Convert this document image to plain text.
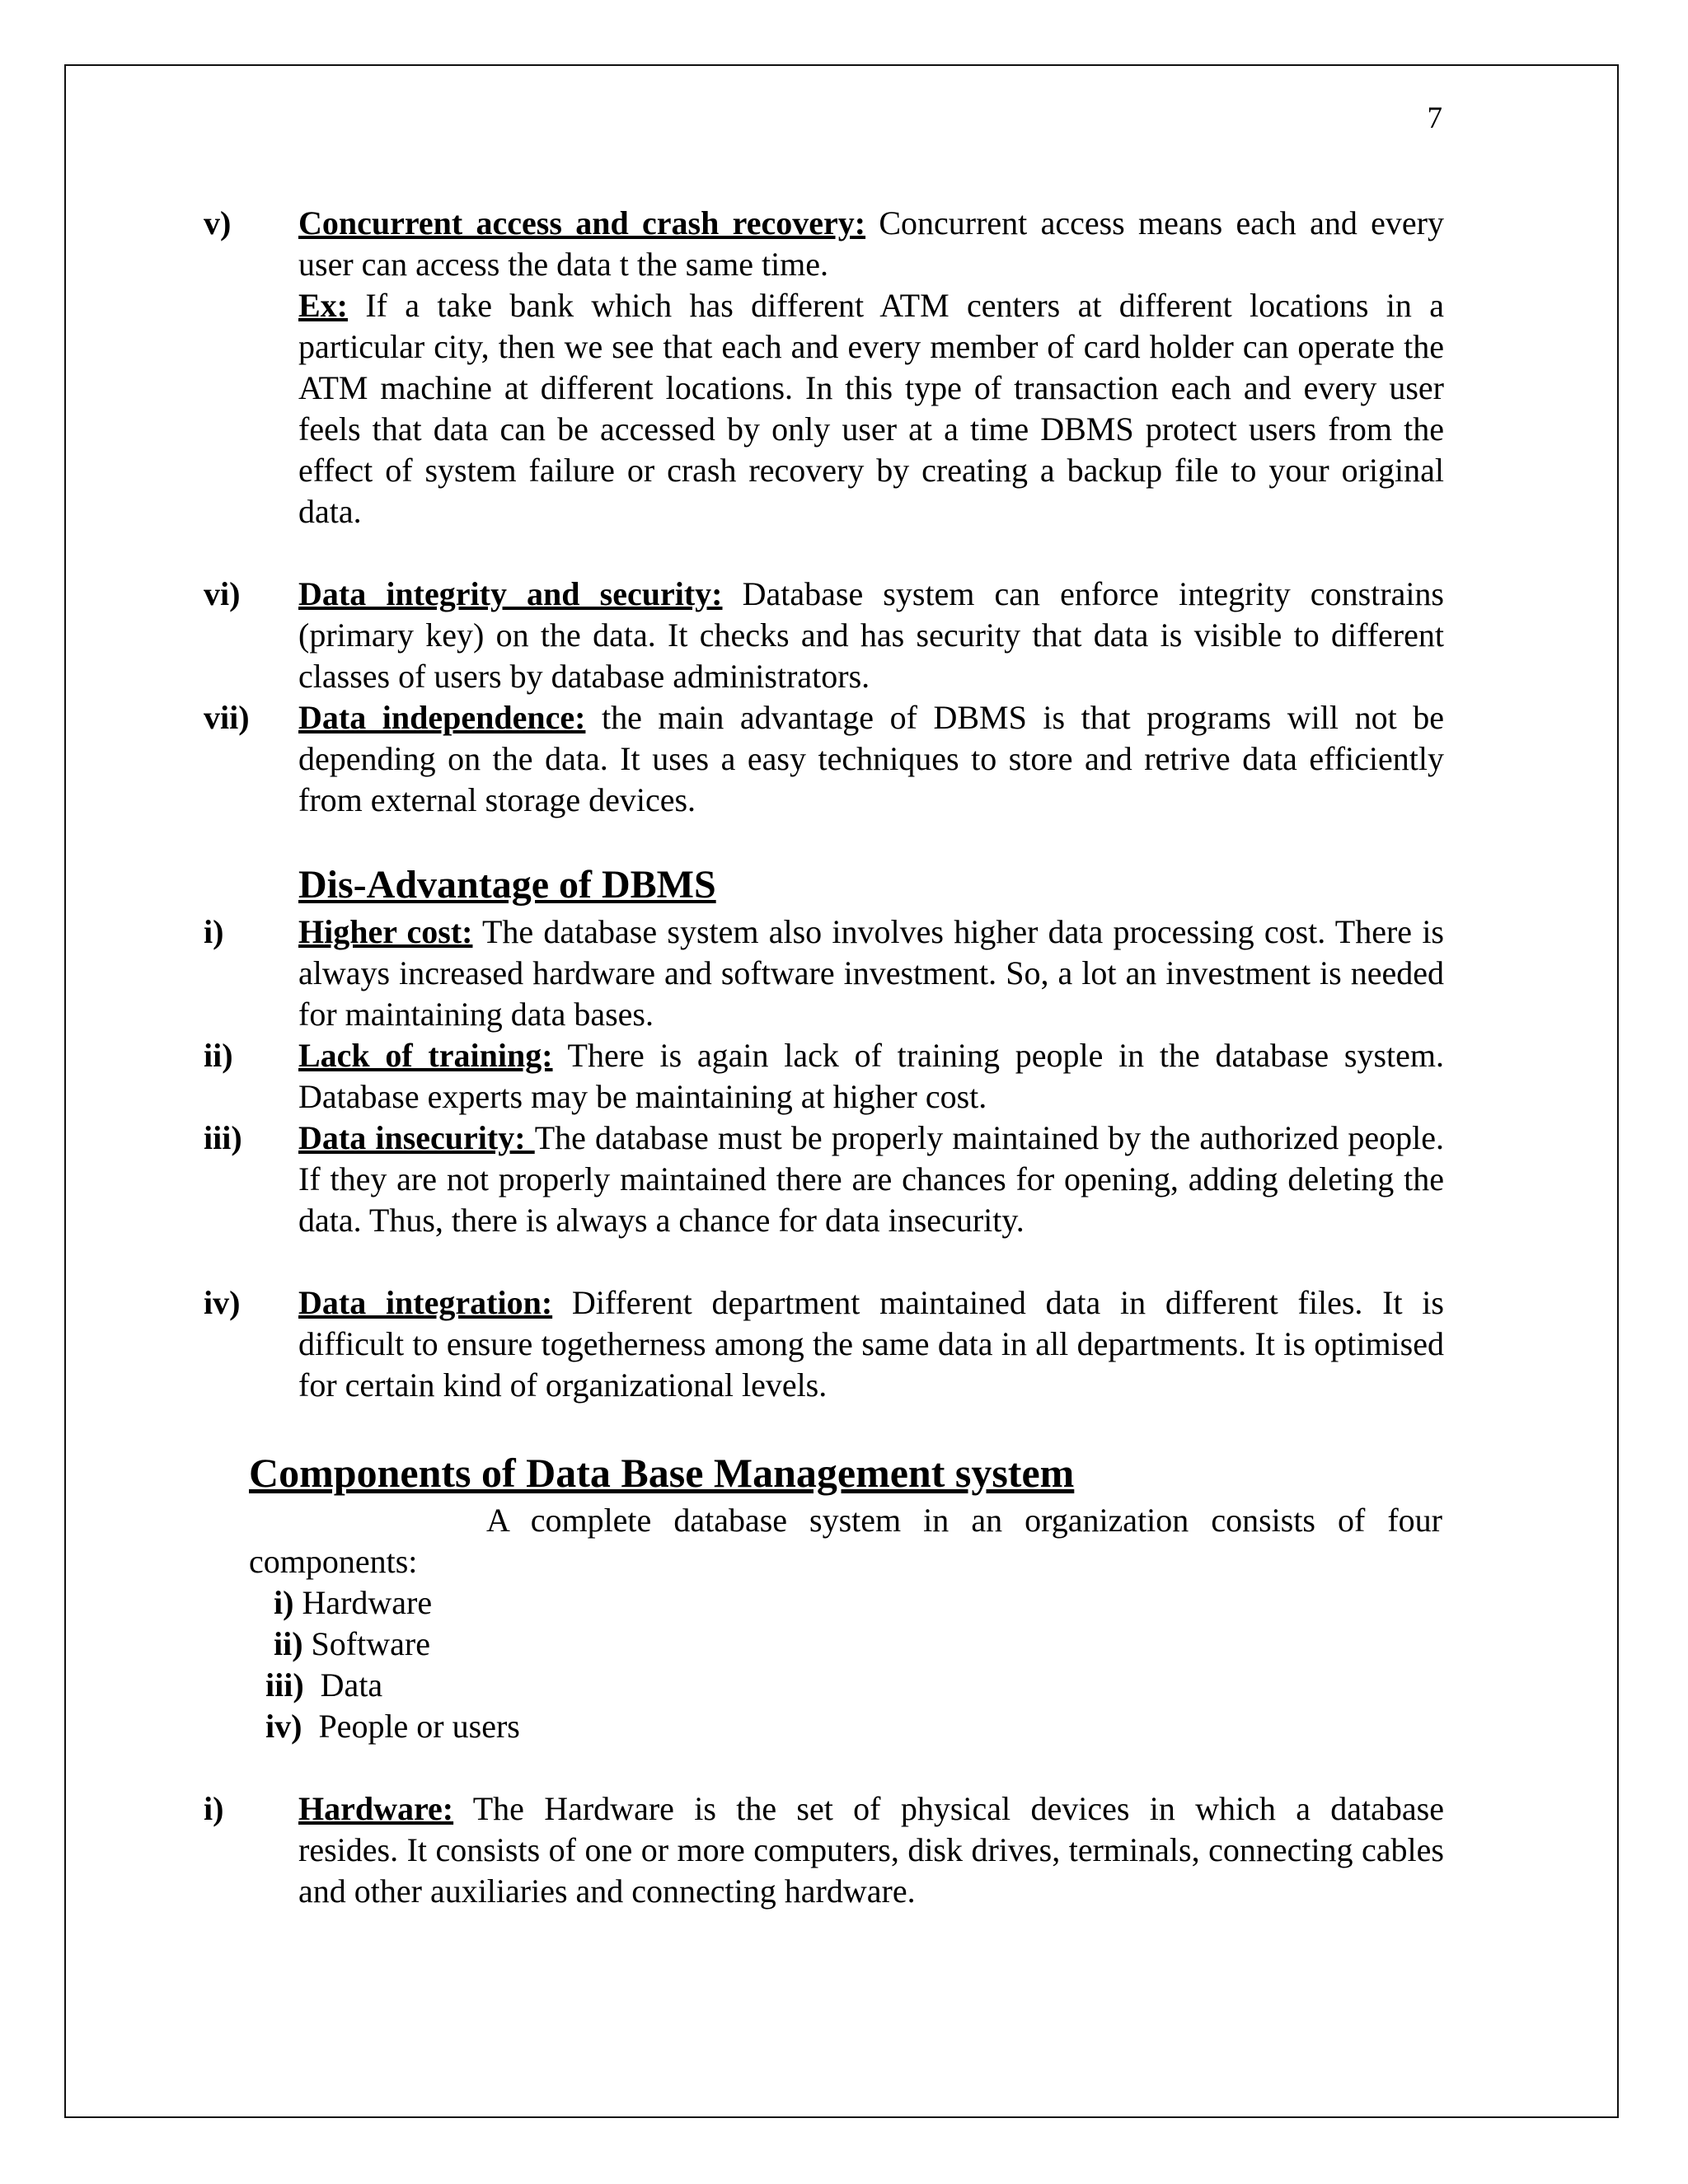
7
v) Concurrent access and crash recovery: Concurrent access means each and every user can access the data t the same time.

Ex: If a take bank which has different ATM centers at different locations in a particular city, then we see that each and every member of card holder can operate the ATM machine at different locations. In this type of transaction each and every user feels that data can be accessed by only user at a time DBMS protect users from the effect of system failure or crash recovery by creating a backup file to your original data.

vi) Data integrity and security: Database system can enforce integrity constrains (primary key) on the data. It checks and has security that data is visible to different classes of users by database administrators.

vii) Data independence: the main advantage of DBMS is that programs will not be depending on the data. It uses a easy techniques to store and retrive data efficiently from external storage devices.

Dis-Advantage of DBMS
i) Higher cost: The database system also involves higher data processing cost. There is always increased hardware and software investment. So, a lot an investment is needed for maintaining data bases.

ii) Lack of training: There is again lack of training people in the database system. Database experts may be maintaining at higher cost.

iii) Data insecurity: The database must be properly maintained by the authorized people. If they are not properly maintained there are chances for opening, adding deleting the data. Thus, there is always a chance for data insecurity.

iv) Data integration: Different department maintained data in different files. It is difficult to ensure togetherness among the same data in all departments. It is optimised for certain kind of organizational levels.

Components of Data Base Management system
A complete database system in an organization consists of four
components:
i) Hardware
ii) Software
iii)  Data
iv)  People or users
i) Hardware: The Hardware is the set of physical devices in which a database      resides. It consists of one or more computers, disk drives, terminals, connecting cables and other auxiliaries and connecting hardware.
